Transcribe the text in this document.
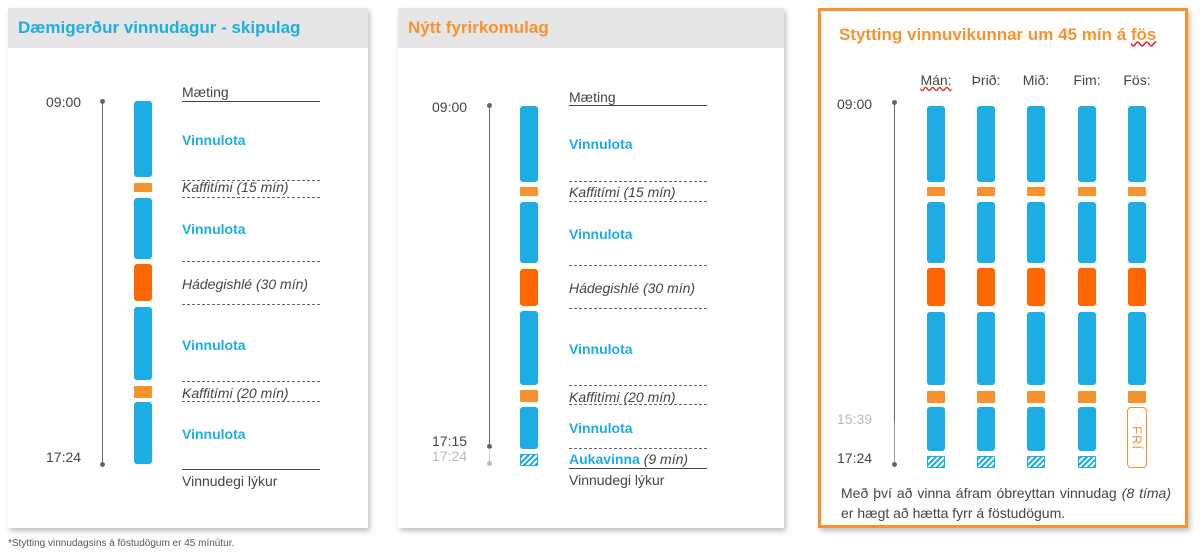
Dæmigerður vinnudagur - skipulag
09:00
17:24
Mæting
Vinnulota
Kaffitími (15 mín)
Vinnulota
Hádegishlé (30 mín)
Vinnulota
Kaffitími (20 mín)
Vinnulota
Vinnudegi lýkur
Nýtt fyrirkomulag
09:00
17:15
17:24
Mæting
Vinnulota
Kaffitími (15 mín)
Vinnulota
Hádegishlé (30 mín)
Vinnulota
Kaffitími (20 mín)
Vinnulota
Aukavinna (9 mín)
Vinnudegi lýkur
Stytting vinnuvikunnar um 45 mín á fös
Mán:	Þrið:	Mið:	Fim:	Fös:
09:00
15:39
17:24
FRÍ
Með því að vinna áfram óbreyttan vinnudag (8 tíma) er hægt að hætta fyrr á föstudögum.
*Stytting vinnudagsins á föstudögum er 45 mínútur.
